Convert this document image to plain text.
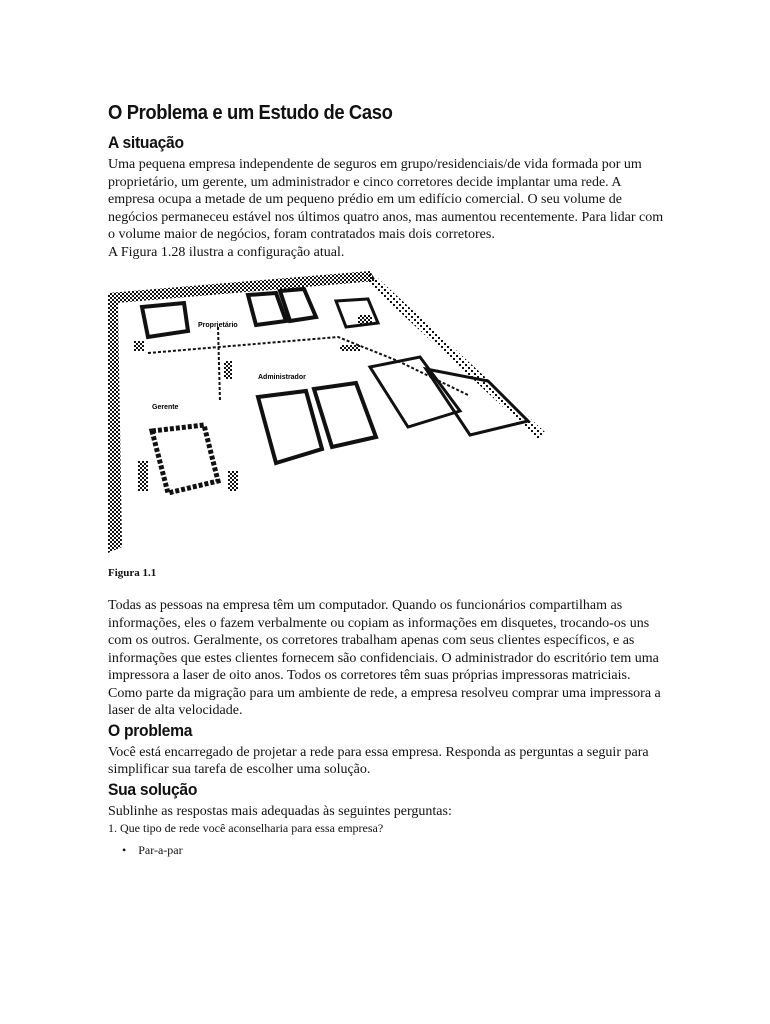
O Problema e um Estudo de Caso
A situação

Uma pequena empresa independente de seguros em grupo/residenciais/de vida formada por um proprietário, um gerente, um administrador e cinco corretores decide implantar uma rede. A empresa ocupa a metade de um pequeno prédio em um edifício comercial. O seu volume de negócios permaneceu estável nos últimos quatro anos, mas aumentou recentemente. Para lidar com o volume maior de negócios, foram contratados mais dois corretores.

A Figura 1.28 ilustra a configuração atual.

Proprietário
Administrador
Gerente
Figura 1.1

Todas as pessoas na empresa têm um computador. Quando os funcionários compartilham as informações, eles o fazem verbalmente ou copiam as informações em disquetes, trocando-os uns com os outros. Geralmente, os corretores trabalham apenas com seus clientes específicos, e as informações que estes clientes fornecem são confidenciais. O administrador do escritório tem uma impressora a laser de oito anos. Todos os corretores têm suas próprias impressoras matriciais.

Como parte da migração para um ambiente de rede, a empresa resolveu comprar uma impressora a laser de alta velocidade.

O problema

Você está encarregado de projetar a rede para essa empresa. Responda as perguntas a seguir para simplificar sua tarefa de escolher uma solução.

Sua solução

Sublinhe as respostas mais adequadas às seguintes perguntas:

1. Que tipo de rede você aconselharia para essa empresa?

• Par-a-par
